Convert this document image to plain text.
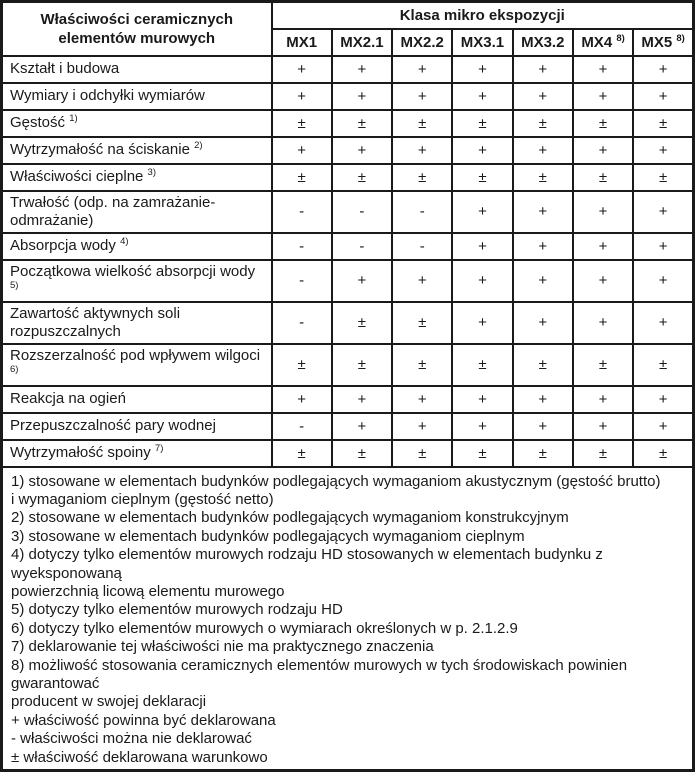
Właściwości ceramicznych elementów murowych	Klasa mikro ekspozycji						
	MX1	MX2.1	MX2.2	MX3.1	MX3.2	MX4 $^{8)}$	MX5 $^{8)}$
Kształt i budowa	+	+	+	+	+	+	+
Wymiary i odchyłki wymiarów	+	+	+	+	+	+	+
Gęstość $^{1)}$	±	±	±	±	±	±	±
Wytrzymałość na ściskanie $^{2)}$	+	+	+	+	+	+	+
Właściwości cieplne $^{3)}$	±	±	±	±	±	±	±
Trwałość (odp. na zamrażanie-odmrażanie)	-	-	-	+	+	+	+
Absorpcja wody $^{4)}$	-	-	-	+	+	+	+
Początkowa wielkość absorpcji wody $^{5)}$	-	+	+	+	+	+	+
Zawartość aktywnych soli rozpuszczalnych	-	±	±	+	+	+	+
Rozszerzalność pod wpływem wilgoci $^{6)}$	±	±	±	±	±	±	±
Reakcja na ogień	+	+	+	+	+	+	+
Przepuszczalność pary wodnej	-	+	+	+	+	+	+
Wytrzymałość spoiny $^{7)}$	±	±	±	±	±	±	±

1) stosowane w elementach budynków podlegających wymaganiom akustycznym (gęstość brutto)
i wymaganiom cieplnym (gęstość netto)
2) stosowane w elementach budynków podlegających wymaganiom konstrukcyjnym
3) stosowane w elementach budynków podlegających wymaganiom cieplnym
4) dotyczy tylko elementów murowych rodzaju HD stosowanych w elementach budynku z wyeksponowaną
powierzchnią licową elementu murowego
5) dotyczy tylko elementów murowych rodzaju HD
6) dotyczy tylko elementów murowych o wymiarach określonych w p. 2.1.2.9
7) deklarowanie tej właściwości nie ma praktycznego znaczenia
8) możliwość stosowania ceramicznych elementów murowych w tych środowiskach powinien gwarantować
producent w swojej deklaracji
+ właściwość powinna być deklarowana
- właściwości można nie deklarować
± właściwość deklarowana warunkowo
